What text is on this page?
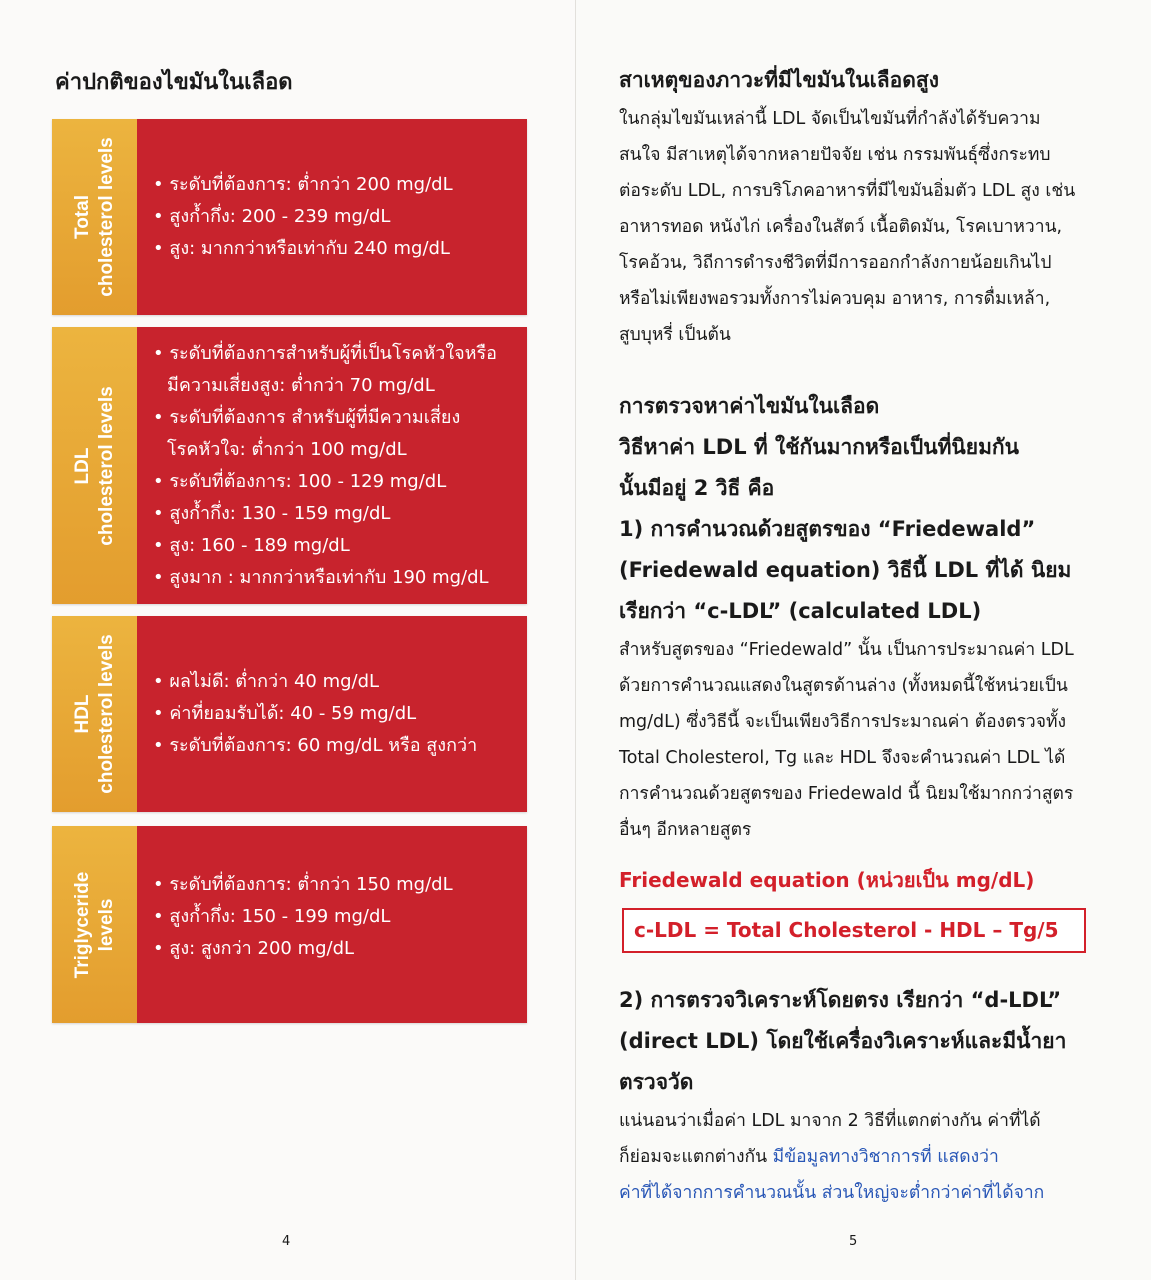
ค่าปกติของไขมันในเลือด
Total
cholesterol levels • ระดับที่ต้องการ: ต่ำกว่า 200 mg/dL
• สูงก้ำกึ่ง: 200 - 239 mg/dL
• สูง: มากกว่าหรือเท่ากับ 240 mg/dL
LDL
cholesterol levels
• ระดับที่ต้องการสำหรับผู้ที่เป็นโรคหัวใจหรือ
มีความเสี่ยงสูง: ต่ำกว่า 70 mg/dL
• ระดับที่ต้องการ สำหรับผู้ที่มีความเสี่ยง
โรคหัวใจ: ต่ำกว่า 100 mg/dL
• ระดับที่ต้องการ: 100 - 129 mg/dL
• สูงก้ำกึ่ง: 130 - 159 mg/dL
• สูง: 160 - 189 mg/dL
• สูงมาก : มากกว่าหรือเท่ากับ 190 mg/dL
HDL
cholesterol levels • ผลไม่ดี: ต่ำกว่า 40 mg/dL
• ค่าที่ยอมรับได้: 40 - 59 mg/dL
• ระดับที่ต้องการ: 60 mg/dL หรือ สูงกว่า
Triglyceride
levels
• ระดับที่ต้องการ: ต่ำกว่า 150 mg/dL
• สูงก้ำกึ่ง: 150 - 199 mg/dL
• สูง: สูงกว่า 200 mg/dL
4
สาเหตุของภาวะที่มีไขมันในเลือดสูง
ในกลุ่มไขมันเหล่านี้ LDL จัดเป็นไขมันที่กำลังได้รับความ
สนใจ มีสาเหตุได้จากหลายปัจจัย เช่น กรรมพันธุ์ซึ่งกระทบ
ต่อระดับ LDL, การบริโภคอาหารที่มีไขมันอิ่มตัว LDL สูง เช่น
อาหารทอด หนังไก่ เครื่องในสัตว์ เนื้อติดมัน, โรคเบาหวาน,
โรคอ้วน, วิถีการดำรงชีวิตที่มีการออกกำลังกายน้อยเกินไป
หรือไม่เพียงพอรวมทั้งการไม่ควบคุม อาหาร, การดื่มเหล้า,
สูบบุหรี่ เป็นต้น
การตรวจหาค่าไขมันในเลือด
วิธีหาค่า LDL ที่ ใช้กันมากหรือเป็นที่นิยมกัน
นั้นมีอยู่ 2 วิธี คือ
1) การคำนวณด้วยสูตรของ “Friedewald”
(Friedewald equation) วิธีนี้ LDL ที่ได้ นิยม
เรียกว่า “c-LDL” (calculated LDL)
สำหรับสูตรของ “Friedewald” นั้น เป็นการประมาณค่า LDL
ด้วยการคำนวณแสดงในสูตรด้านล่าง (ทั้งหมดนี้ใช้หน่วยเป็น
mg/dL) ซึ่งวิธีนี้ จะเป็นเพียงวิธีการประมาณค่า ต้องตรวจทั้ง
Total Cholesterol, Tg และ HDL จึงจะคำนวณค่า LDL ได้
การคำนวณด้วยสูตรของ Friedewald นี้ นิยมใช้มากกว่าสูตร
อื่นๆ อีกหลายสูตร
Friedewald equation (หน่วยเป็น mg/dL)
c-LDL = Total Cholesterol - HDL – Tg/5
2) การตรวจวิเคราะห์โดยตรง เรียกว่า “d-LDL”
(direct LDL) โดยใช้เครื่องวิเคราะห์และมีน้ำยา
ตรวจวัด
แน่นอนว่าเมื่อค่า LDL มาจาก 2 วิธีที่แตกต่างกัน ค่าที่ได้
ก็ย่อมจะแตกต่างกัน มีข้อมูลทางวิชาการที่ แสดงว่า
ค่าที่ได้จากการคำนวณนั้น ส่วนใหญ่จะต่ำกว่าค่าที่ได้จาก
5
